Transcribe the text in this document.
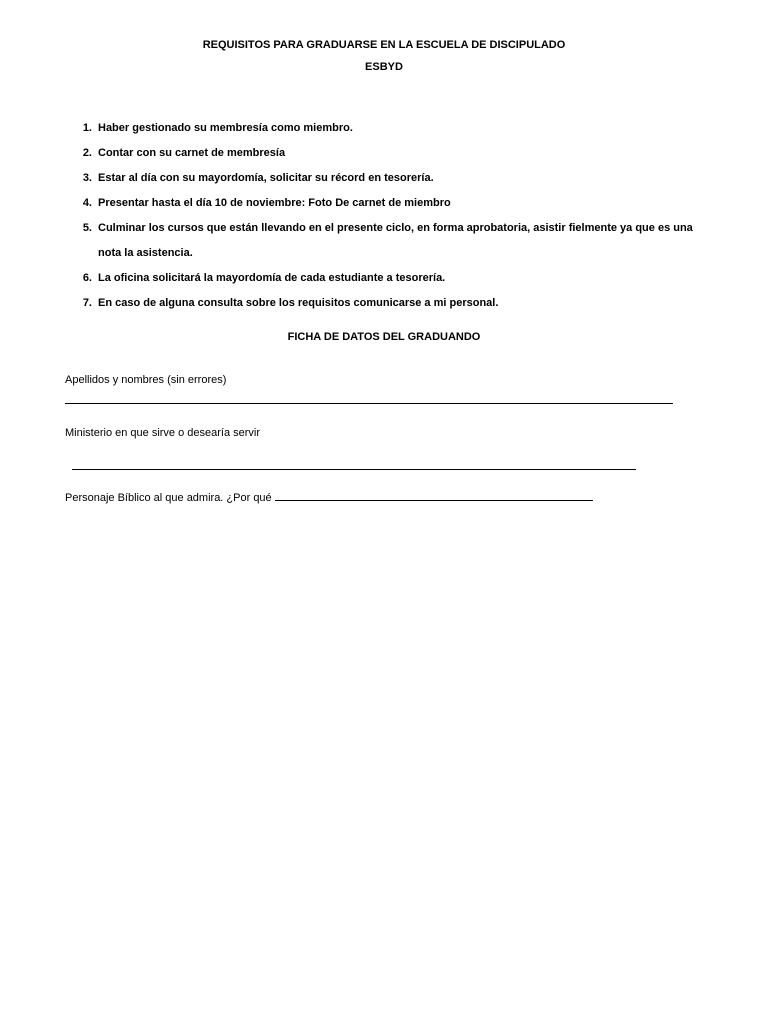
REQUISITOS PARA GRADUARSE EN LA ESCUELA DE DISCIPULADO
ESBYD
1. Haber gestionado su membresía como miembro.
2. Contar con su carnet de membresía
3. Estar al día con su mayordomía, solicitar su récord en tesorería.
4. Presentar hasta el día 10 de noviembre: Foto De carnet de miembro
5. Culminar los cursos que están llevando en el presente ciclo, en forma aprobatoria, asistir fielmente ya que es una nota la asistencia.
6. La oficina solicitará la mayordomía de cada estudiante a tesorería.
7. En caso de alguna consulta sobre los requisitos comunicarse a mi personal.
FICHA DE DATOS DEL GRADUANDO
Apellidos y nombres (sin errores)
Ministerio en que sirve o desearía servir
Personaje Bíblico al que admira. ¿Por qué
